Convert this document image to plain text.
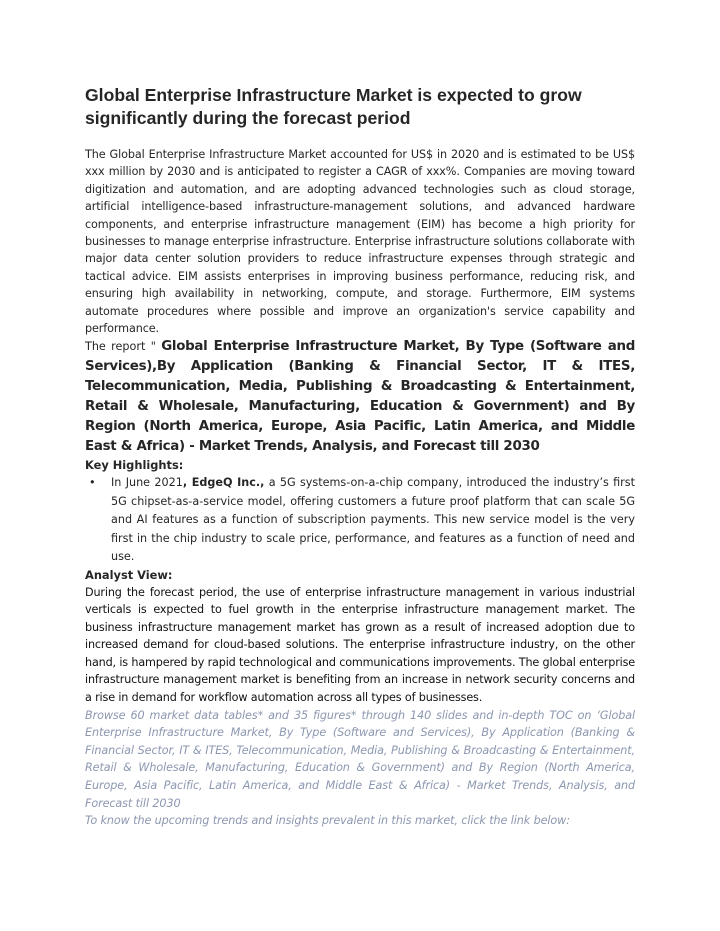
Global Enterprise Infrastructure Market is expected to grow significantly during the forecast period

The Global Enterprise Infrastructure Market accounted for US$ in 2020 and is estimated to be US$ xxx million by 2030 and is anticipated to register a CAGR of xxx%. Companies are moving toward digitization and automation, and are adopting advanced technologies such as cloud storage, artificial intelligence-based infrastructure-management solutions, and advanced hardware components, and enterprise infrastructure management (EIM) has become a high priority for businesses to manage enterprise infrastructure. Enterprise infrastructure solutions collaborate with major data center solution providers to reduce infrastructure expenses through strategic and tactical advice. EIM assists enterprises in improving business performance, reducing risk, and ensuring high availability in networking, compute, and storage. Furthermore, EIM systems automate procedures where possible and improve an organization's service capability and performance.

The report " Global Enterprise Infrastructure Market, By Type (Software and Services),By Application (Banking & Financial Sector, IT & ITES, Telecommunication, Media, Publishing & Broadcasting & Entertainment, Retail & Wholesale, Manufacturing, Education & Government) and By Region (North America, Europe, Asia Pacific, Latin America, and Middle East & Africa) - Market Trends, Analysis, and Forecast till 2030

Key Highlights:
• In June 2021, EdgeQ Inc., a 5G systems-on-a-chip company, introduced the industry’s first 5G chipset-as-a-service model, offering customers a future proof platform that can scale 5G and AI features as a function of subscription payments. This new service model is the very first in the chip industry to scale price, performance, and features as a function of need and use.
Analyst View:

During the forecast period, the use of enterprise infrastructure management in various industrial verticals is expected to fuel growth in the enterprise infrastructure management market. The business infrastructure management market has grown as a result of increased adoption due to increased demand for cloud-based solutions. The enterprise infrastructure industry, on the other hand, is hampered by rapid technological and communications improvements. The global enterprise infrastructure management market is benefiting from an increase in network security concerns and a rise in demand for workflow automation across all types of businesses.

Browse 60 market data tables* and 35 figures* through 140 slides and in-depth TOC on ‘Global Enterprise Infrastructure Market, By Type (Software and Services), By Application (Banking & Financial Sector, IT & ITES, Telecommunication, Media, Publishing & Broadcasting & Entertainment, Retail & Wholesale, Manufacturing, Education & Government) and By Region (North America, Europe, Asia Pacific, Latin America, and Middle East & Africa) - Market Trends, Analysis, and Forecast till 2030

To know the upcoming trends and insights prevalent in this market, click the link below:
